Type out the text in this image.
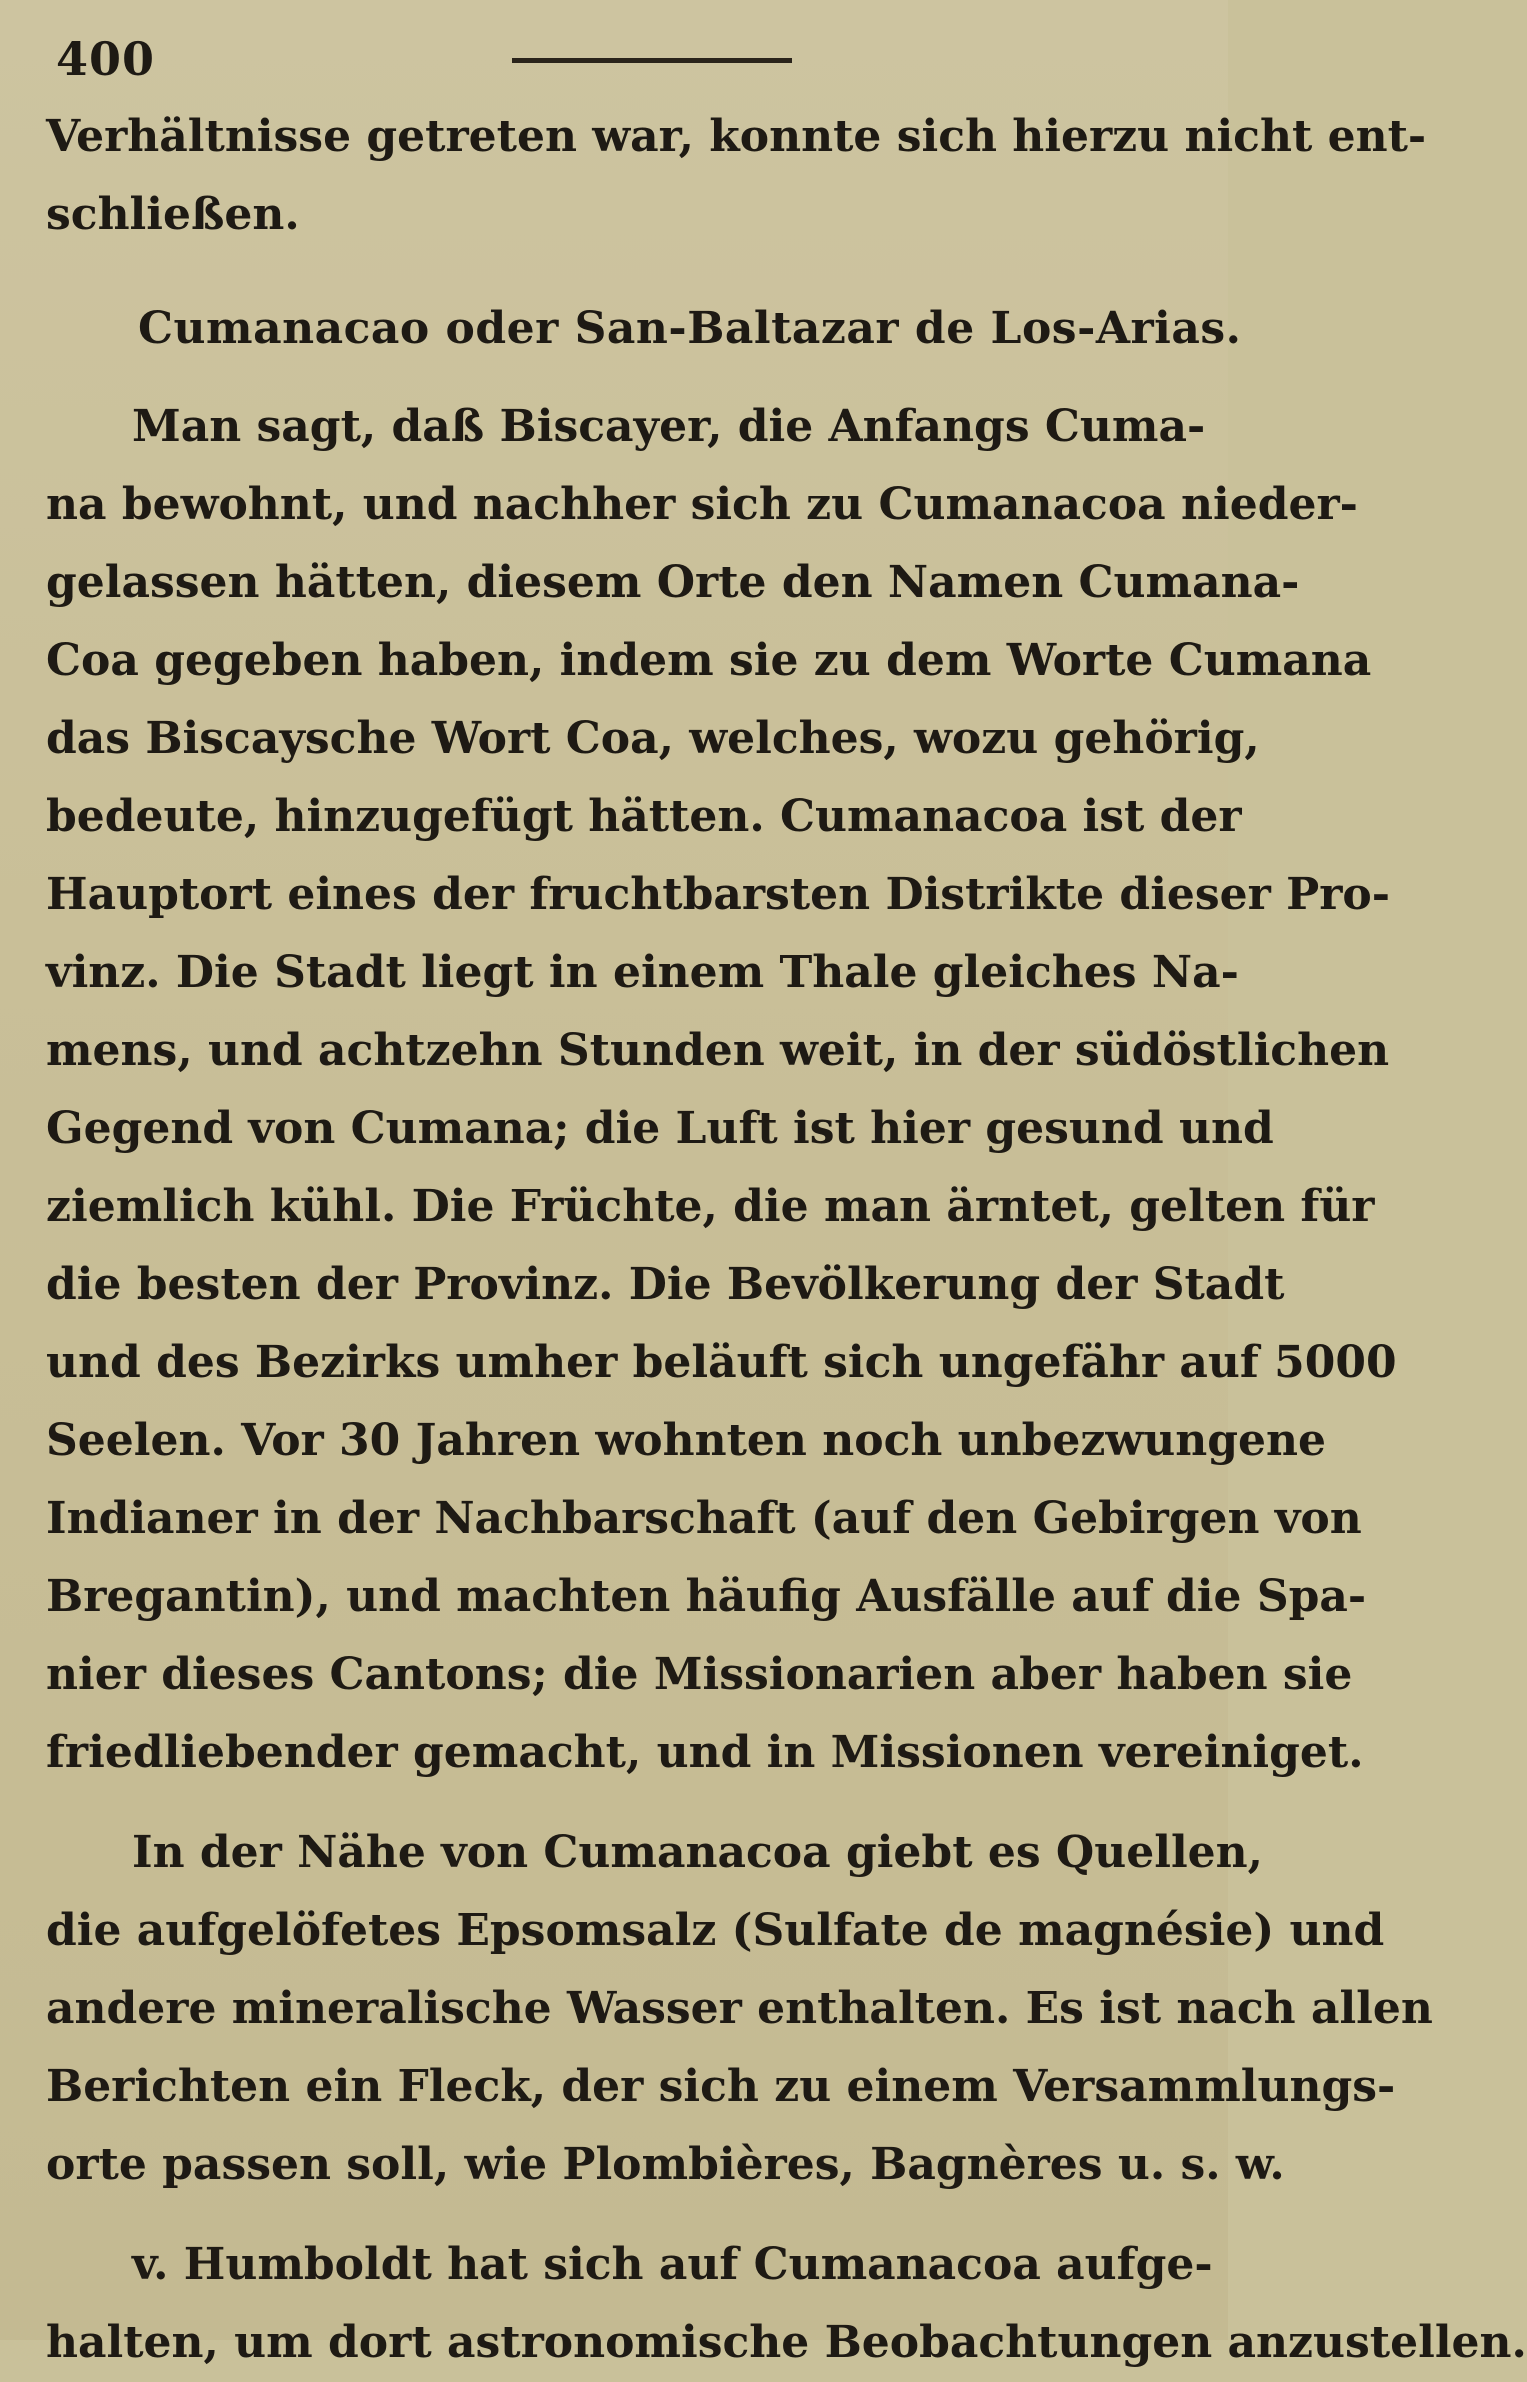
400
Verhältnisse getreten war, konnte sich hierzu nicht ent-
schließen.
Cumanacao oder San-Baltazar de Los-Arias.
Man sagt, daß Biscayer, die Anfangs Cuma-
na bewohnt, und nachher sich zu Cumanacoa nieder-
gelassen hätten, diesem Orte den Namen Cumana-
Coa gegeben haben, indem sie zu dem Worte Cumana
das Biscaysche Wort Coa, welches, wozu gehörig,
bedeute, hinzugefügt hätten. Cumanacoa ist der
Hauptort eines der fruchtbarsten Distrikte dieser Pro-
vinz. Die Stadt liegt in einem Thale gleiches Na-
mens, und achtzehn Stunden weit, in der südöstlichen
Gegend von Cumana; die Luft ist hier gesund und
ziemlich kühl. Die Früchte, die man ärntet, gelten für
die besten der Provinz. Die Bevölkerung der Stadt
und des Bezirks umher beläuft sich ungefähr auf 5000
Seelen. Vor 30 Jahren wohnten noch unbezwungene
Indianer in der Nachbarschaft (auf den Gebirgen von
Bregantin), und machten häufig Ausfälle auf die Spa-
nier dieses Cantons; die Missionarien aber haben sie
friedliebender gemacht, und in Missionen vereiniget.
In der Nähe von Cumanacoa giebt es Quellen,
die aufgelöfetes Epsomsalz (Sulfate de magnésie) und
andere mineralische Wasser enthalten. Es ist nach allen
Berichten ein Fleck, der sich zu einem Versammlungs-
orte passen soll, wie Plombières, Bagnères u. s. w.
v. Humboldt hat sich auf Cumanacoa aufge-
halten, um dort astronomische Beobachtungen anzustellen.
